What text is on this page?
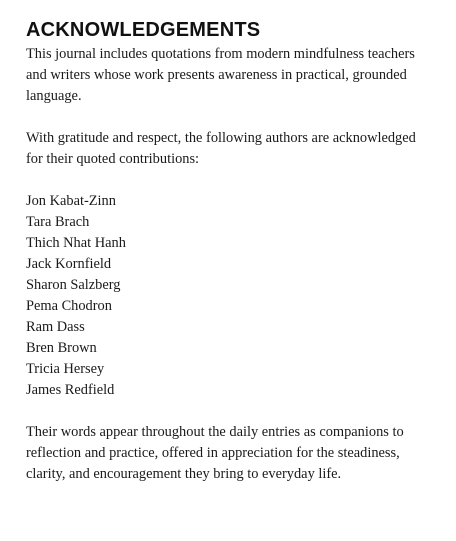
ACKNOWLEDGEMENTS

This journal includes quotations from modern mindfulness teachers and writers whose work presents awareness in practical, grounded language.

With gratitude and respect, the following authors are acknowledged for their quoted contributions:

Jon Kabat-Zinn
Tara Brach
Thich Nhat Hanh
Jack Kornfield
Sharon Salzberg
Pema Chodron
Ram Dass
Bren Brown
Tricia Hersey
James Redfield

Their words appear throughout the daily entries as companions to reflection and practice, offered in appreciation for the steadiness, clarity, and encouragement they bring to everyday life.
